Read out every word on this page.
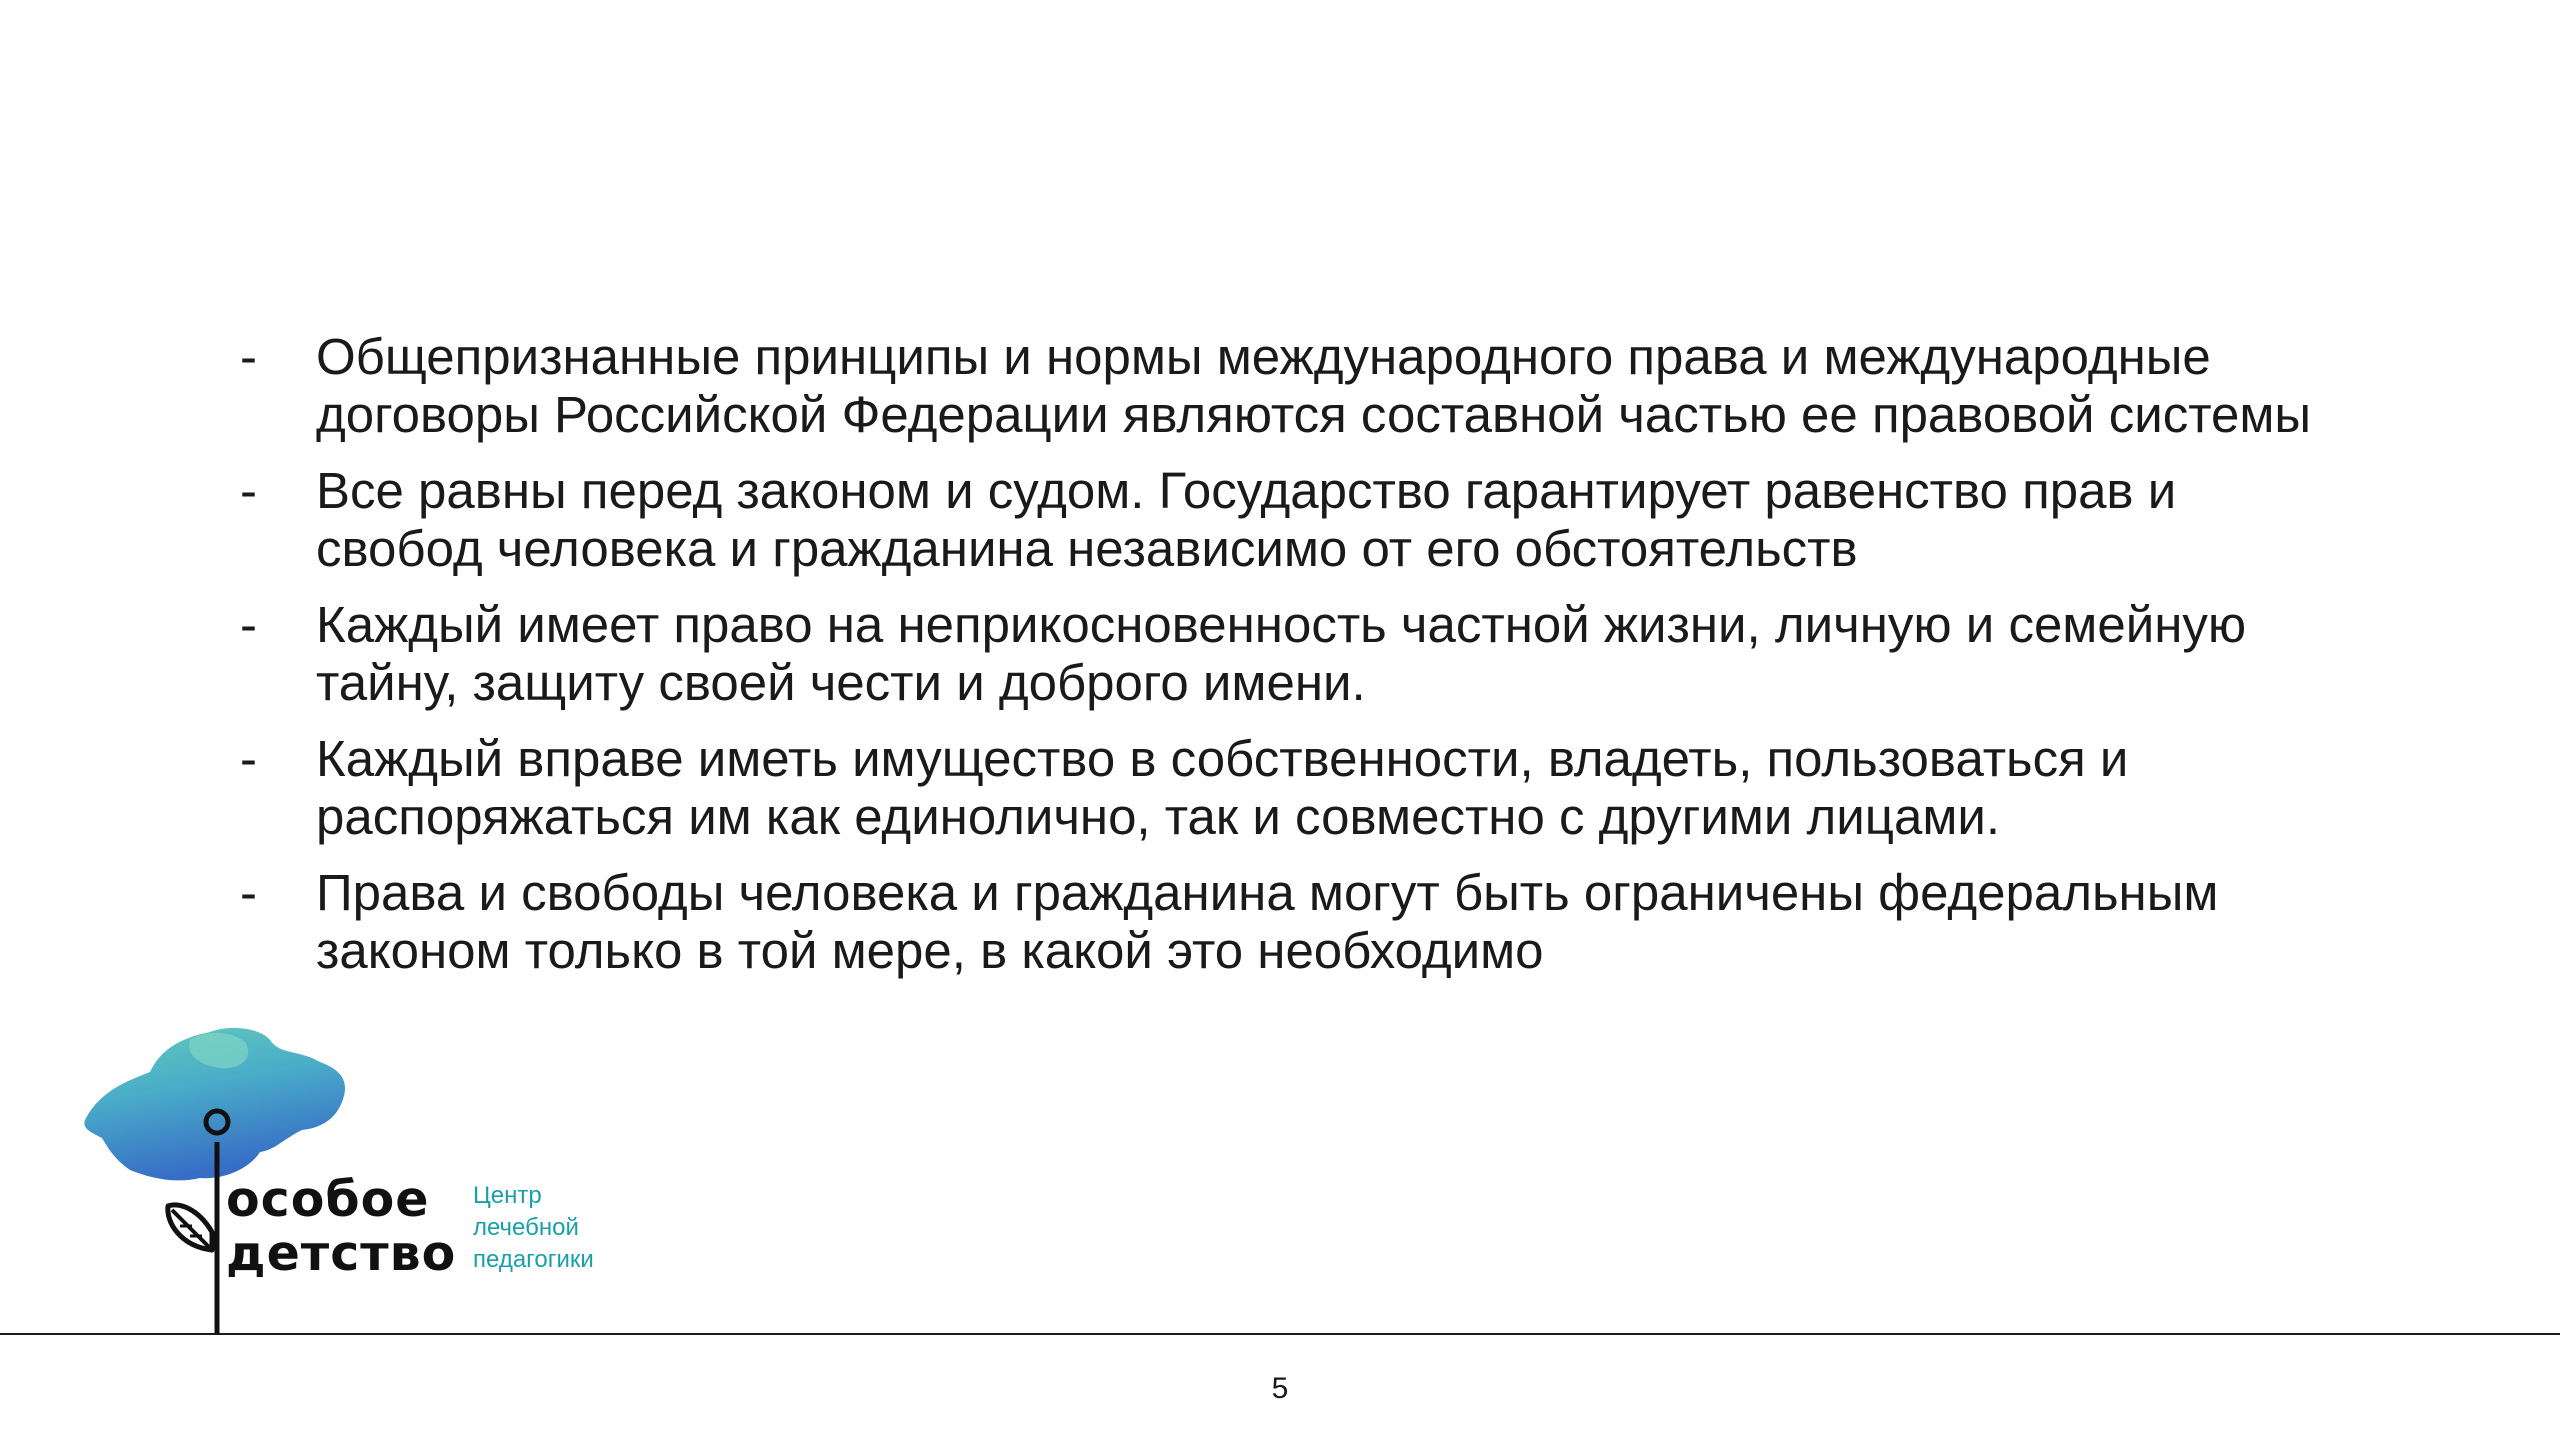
-	Общепризнанные принципы и нормы международного права и международные договоры Российской Федерации являются составной частью ее правовой системы
-	Все равны перед законом и судом. Государство гарантирует равенство прав и свобод человека и гражданина независимо от его обстоятельств
-	Каждый имеет право на неприкосновенность частной жизни, личную и семейную тайну, защиту своей чести и доброго имени.
-	Каждый вправе иметь имущество в собственности, владеть, пользоваться и распоряжаться им как единолично, так и совместно с другими лицами.
-	Права и свободы человека и гражданина могут быть ограничены федеральным законом только в той мере, в какой это необходимо
особое
детство
Центр
лечебной
педагогики
5
